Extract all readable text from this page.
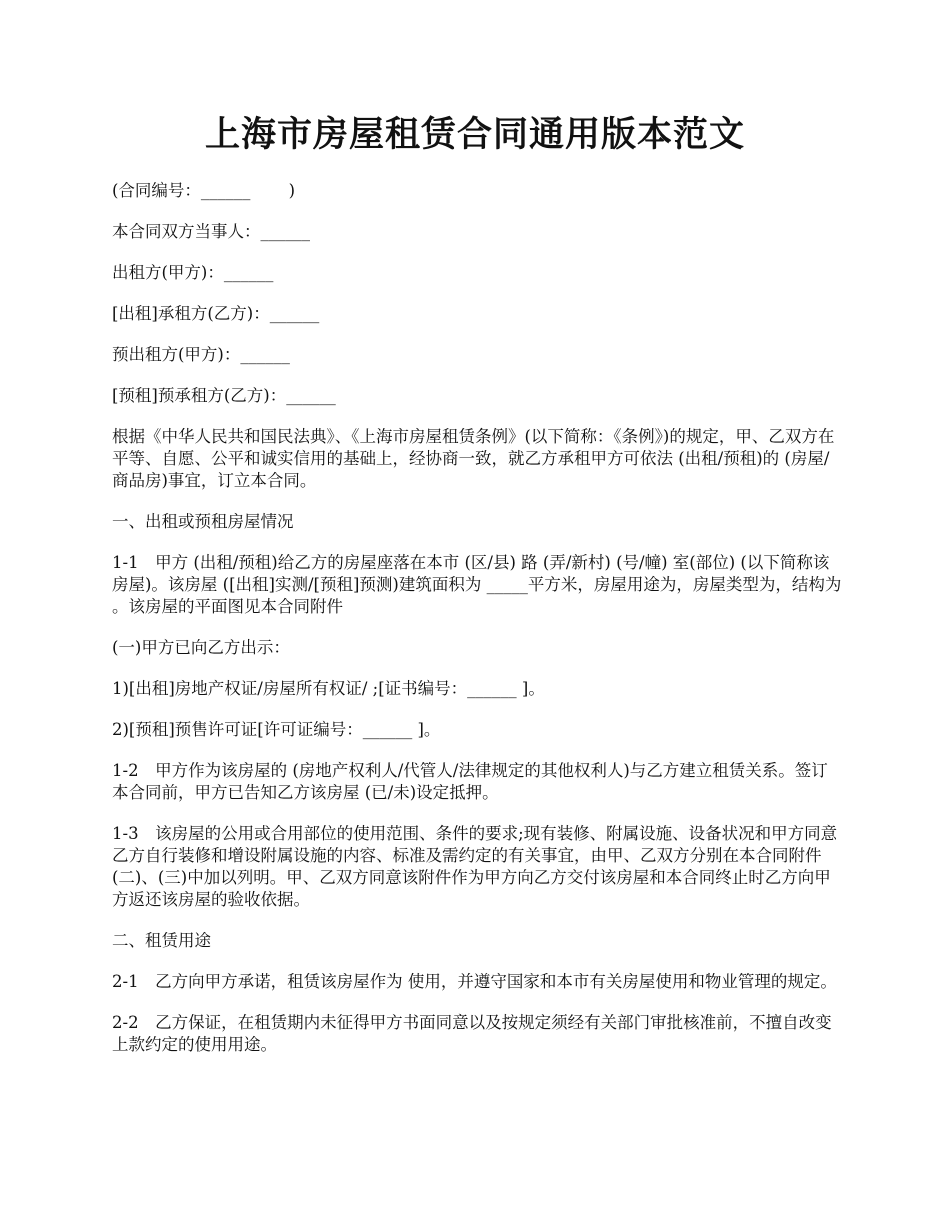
上海市房屋租赁合同通用版本范文

(合同编号：______　　 )

本合同双方当事人：______

出租方(甲方)：______

[出租]承租方(乙方)：______

预出租方(甲方)：______

[预租]预承租方(乙方)：______

根据《中华人民共和国民法典》、《上海市房屋租赁条例》(以下简称：《条例》)的规定，甲、乙双方在平等、自愿、公平和诚实信用的基础上，经协商一致，就乙方承租甲方可依法 (出租/预租)的 (房屋/商品房)事宜，订立本合同。

一、出租或预租房屋情况

1-1　甲方 (出租/预租)给乙方的房屋座落在本市 (区/县) 路 (弄/新村) (号/幢) 室(部位) (以下简称该房屋)。该房屋 ([出租]实测/[预租]预测)建筑面积为 _____平方米，房屋用途为，房屋类型为，结构为 。该房屋的平面图见本合同附件

(一)甲方已向乙方出示：

1)[出租]房地产权证/房屋所有权证/ ;[证书编号：______ ]。

2)[预租]预售许可证[许可证编号：______ ]。

1-2　甲方作为该房屋的 (房地产权利人/代管人/法律规定的其他权利人)与乙方建立租赁关系。签订本合同前，甲方已告知乙方该房屋 (已/未)设定抵押。

1-3　该房屋的公用或合用部位的使用范围、条件的要求;现有装修、附属设施、设备状况和甲方同意乙方自行装修和增设附属设施的内容、标准及需约定的有关事宜，由甲、乙双方分别在本合同附件(二)、(三)中加以列明。甲、乙双方同意该附件作为甲方向乙方交付该房屋和本合同终止时乙方向甲方返还该房屋的验收依据。

二、租赁用途

2-1　乙方向甲方承诺，租赁该房屋作为 使用，并遵守国家和本市有关房屋使用和物业管理的规定。

2-2　乙方保证，在租赁期内未征得甲方书面同意以及按规定须经有关部门审批核准前，不擅自改变上款约定的使用用途。
